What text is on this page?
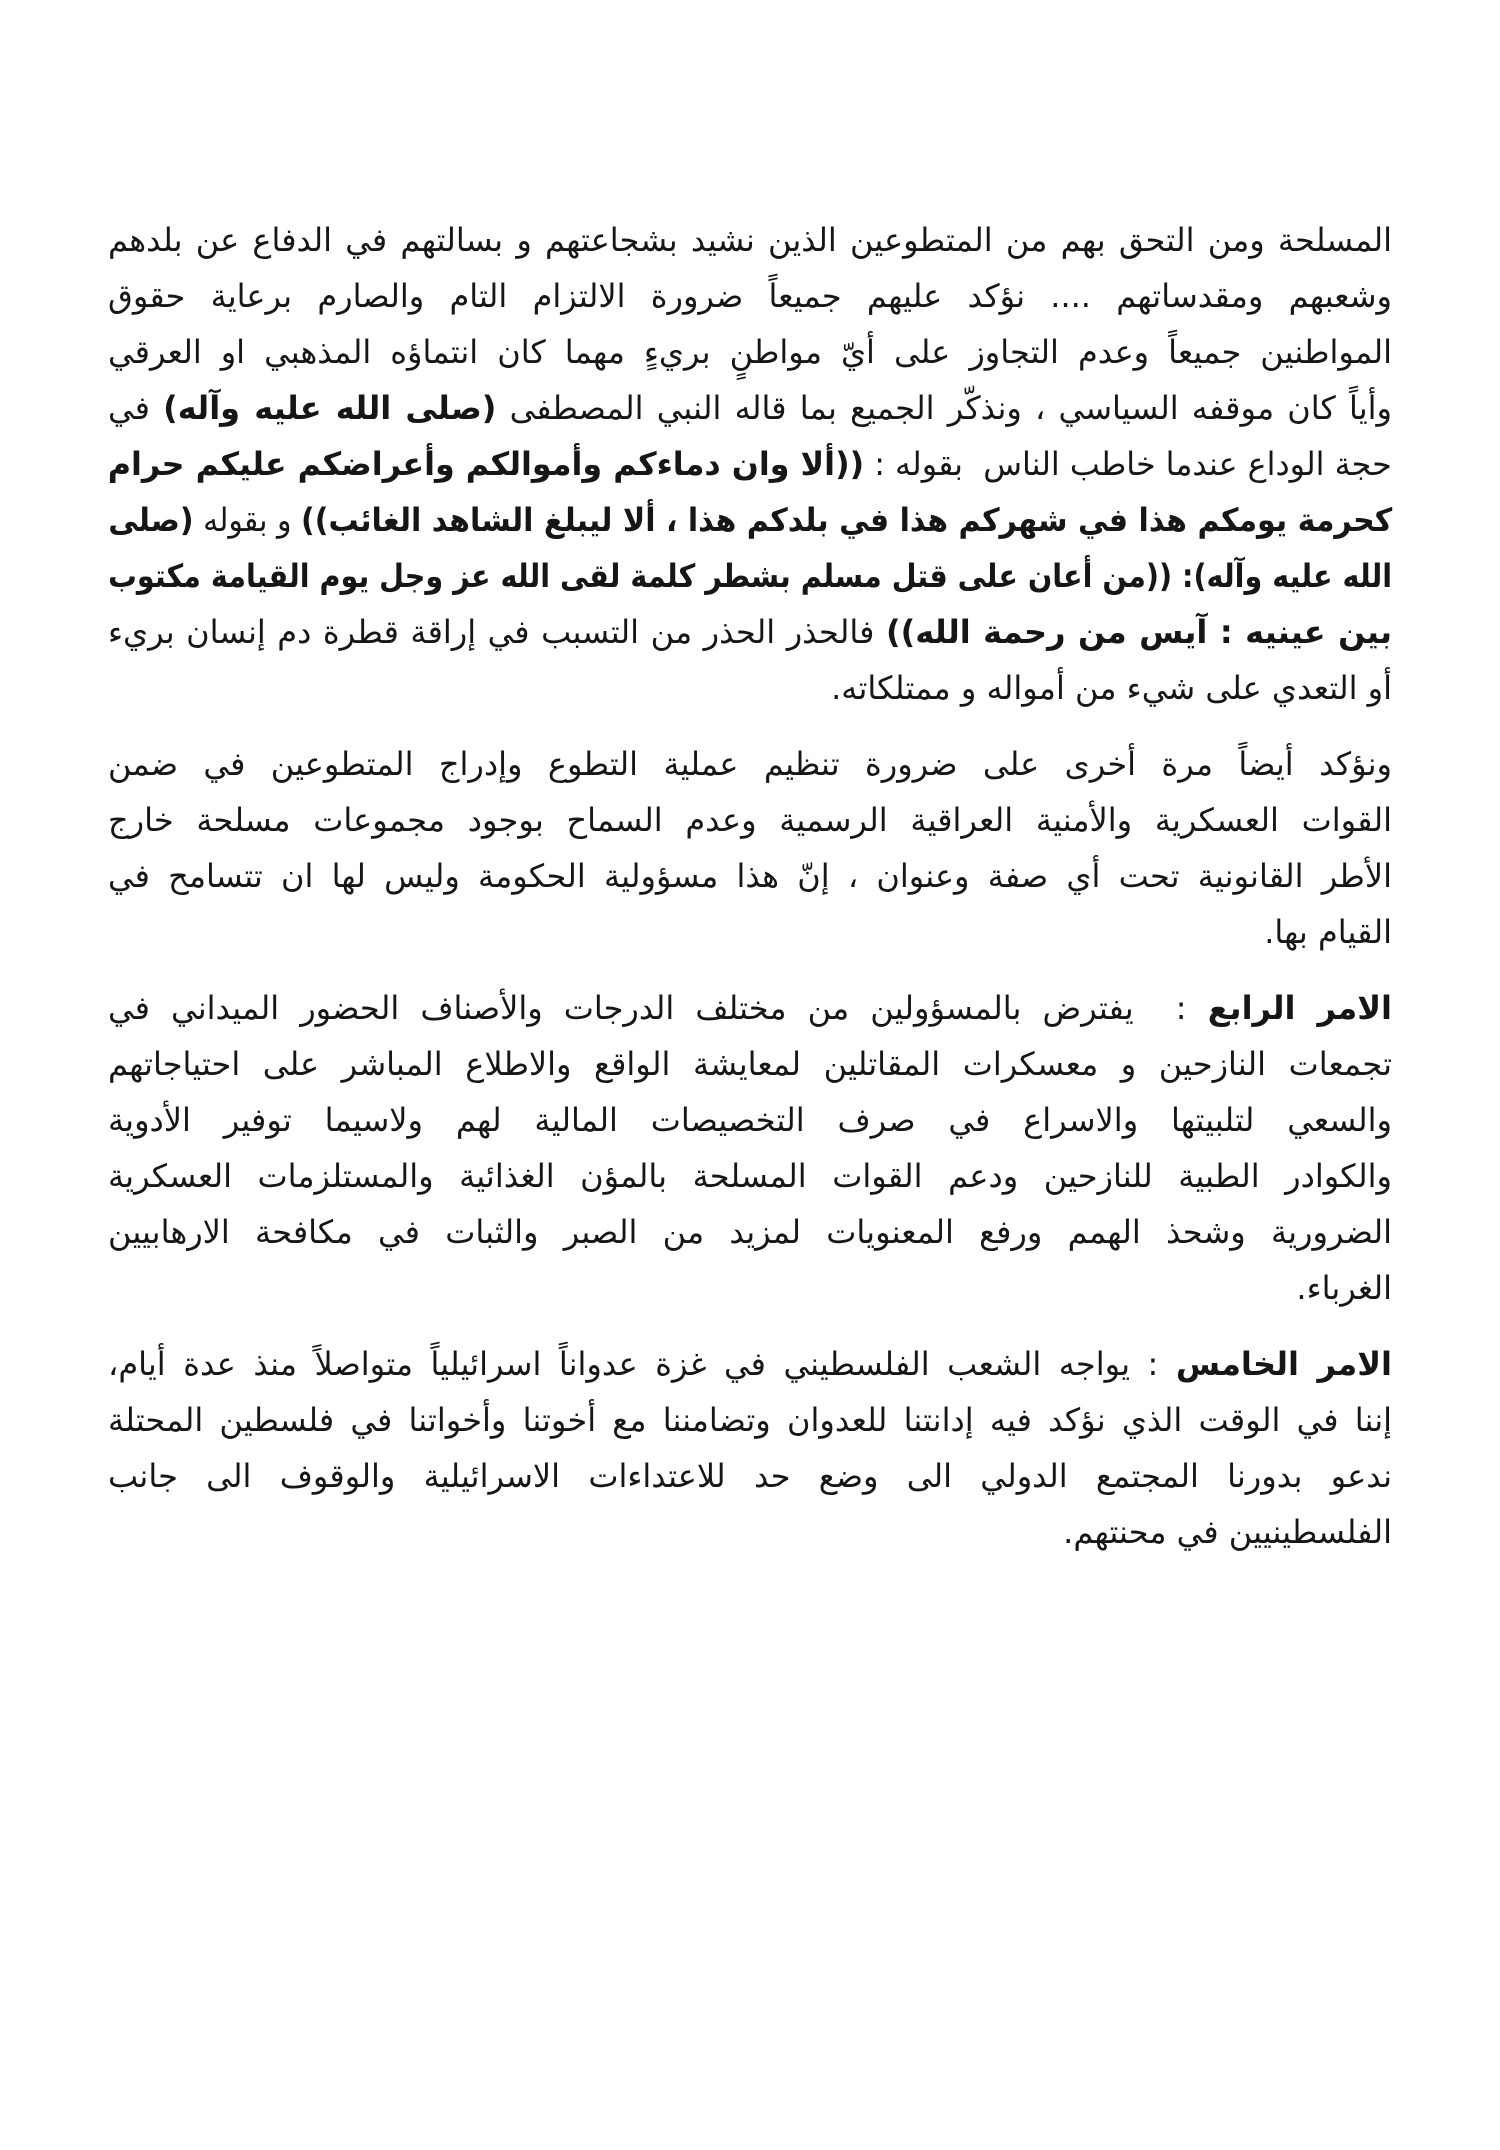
المسلحة ومن التحق بهم من المتطوعين الذين نشيد بشجاعتهم و بسالتهم في الدفاع عن بلدهم
وشعبهم ومقدساتهم .... نؤكد عليهم جميعاً ضرورة الالتزام التام والصارم برعاية حقوق
المواطنين جميعاً وعدم التجاوز على أيّ مواطنٍ بريءٍ مهما كان انتماؤه المذهبي او العرقي
وأياً كان موقفه السياسي ، ونذكّر الجميع بما قاله النبي المصطفى (صلى الله عليه وآله) في
حجة الوداع عندما خاطب الناس  بقوله : ((ألا وان دماءكم وأموالكم وأعراضكم عليكم حرام
كحرمة يومكم هذا في شهركم هذا في بلدكم هذا ، ألا ليبلغ الشاهد الغائب)) و بقوله (صلى
الله عليه وآله): ((من أعان على قتل مسلم بشطر كلمة لقى الله عز وجل يوم القيامة مكتوب
بين عينيه : آيس من رحمة الله)) فالحذر الحذر من التسبب في إراقة قطرة دم إنسان بريء
أو التعدي على شيء من أمواله و ممتلكاته.
ونؤكد أيضاً مرة أخرى على ضرورة تنظيم عملية التطوع وإدراج المتطوعين في ضمن
القوات العسكرية والأمنية العراقية الرسمية وعدم السماح بوجود مجموعات مسلحة خارج
الأطر القانونية تحت أي صفة وعنوان ، إنّ هذا مسؤولية الحكومة وليس لها ان تتسامح في
القيام بها.
الامر الرابع :  يفترض بالمسؤولين من مختلف الدرجات والأصناف الحضور الميداني في
تجمعات النازحين و معسكرات المقاتلين لمعايشة الواقع والاطلاع المباشر على احتياجاتهم
والسعي لتلبيتها والاسراع في صرف التخصيصات المالية لهم ولاسيما توفير الأدوية
والكوادر الطبية للنازحين ودعم القوات المسلحة بالمؤن الغذائية والمستلزمات العسكرية
الضرورية وشحذ الهمم ورفع المعنويات لمزيد من الصبر والثبات في مكافحة الارهابيين
الغرباء.
الامر الخامس : يواجه الشعب الفلسطيني في غزة عدواناً اسرائيلياً متواصلاً منذ عدة أيام،
إننا في الوقت الذي نؤكد فيه إدانتنا للعدوان وتضامننا مع أخوتنا وأخواتنا في فلسطين المحتلة
ندعو بدورنا المجتمع الدولي الى وضع حد للاعتداءات الاسرائيلية والوقوف الى جانب
الفلسطينيين في محنتهم.
